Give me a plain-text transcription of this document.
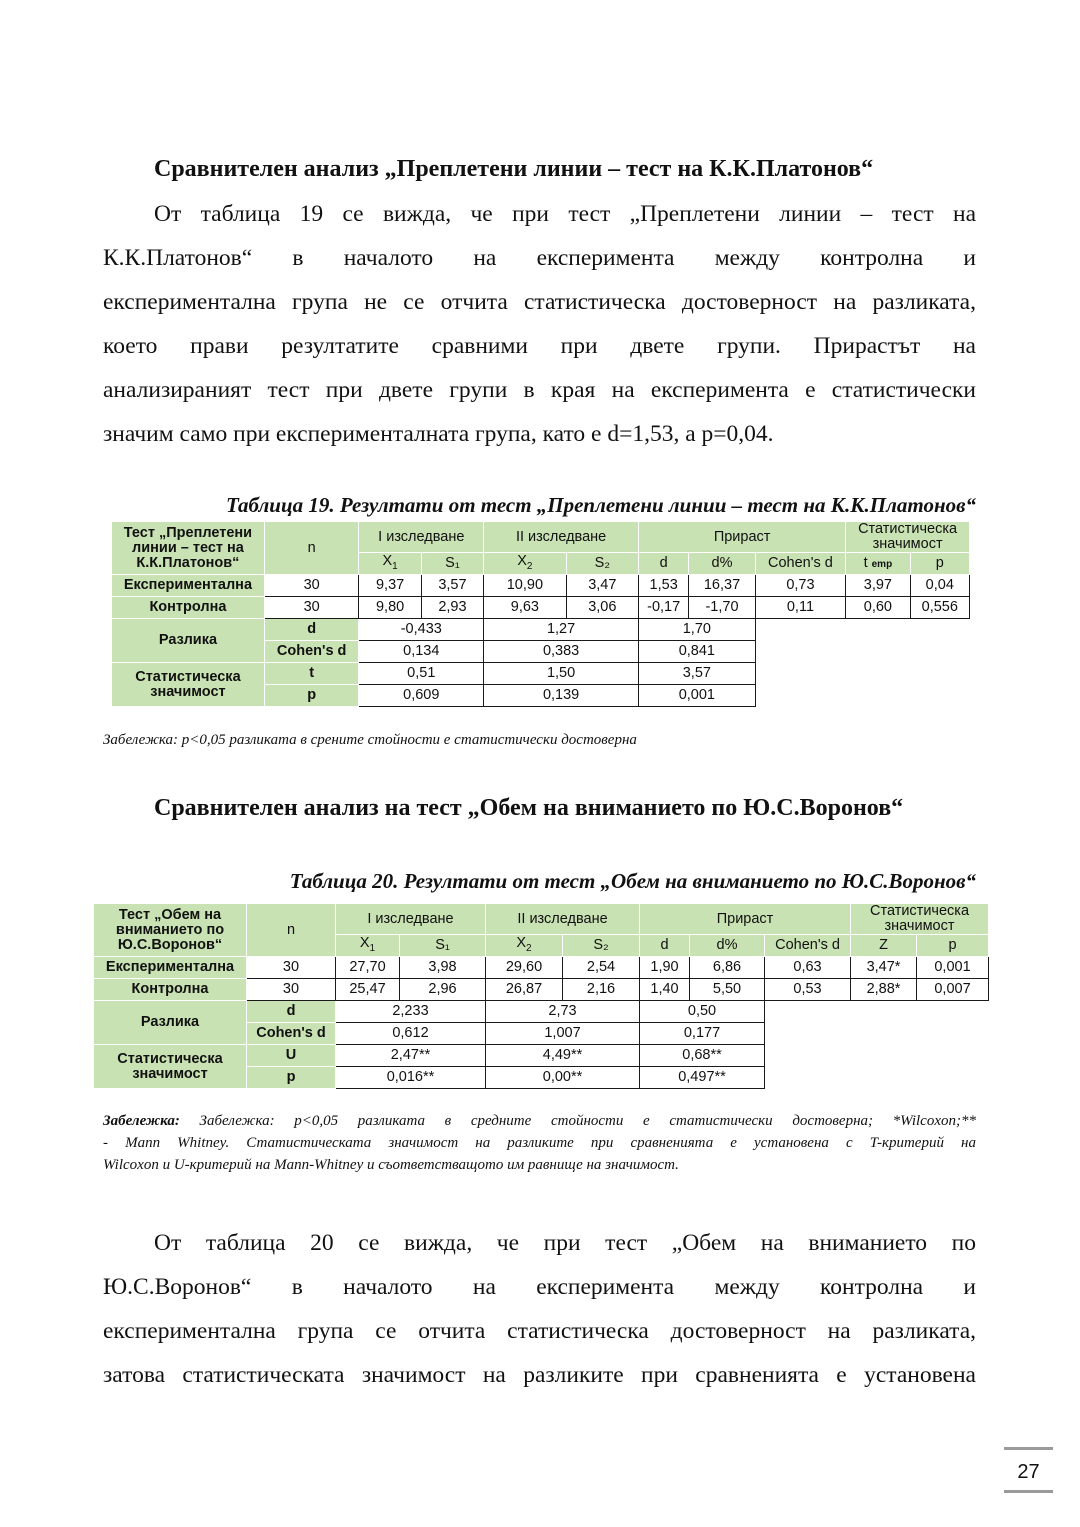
Сравнителен анализ „Преплетени линии – тест на К.К.Платонов“
От таблица 19 се вижда, че при тест „Преплетени линии – тест на
К.К.Платонов“ в началото на експеримента между контролна и
експериментална група не се отчита статистическа достоверност на разликата,
което прави резултатите сравними при двете групи. Прирастът на
анализираният тест при двете групи в края на експеримента е статистически
значим само при експерименталната група, като е d=1,53, а p=0,04.
Таблица 19. Резултати от тест „Преплетени линии – тест на К.К.Платонов“
Тест „Преплетени линии – тест на К.К.Платонов“	n	I изследване		II изследване		Прираст			Статистическа значимост	

		$\overline{X}_1$	S₁	$\overline{X}_2$	S₂	d	d%	Cohen's d	t emp	p
Експериментална	30	9,37	3,57	10,90	3,47	1,53	16,37	0,73	3,97	0,04
Контролна	30	9,80	2,93	9,63	3,06	-0,17	-1,70	0,11	0,60	0,556
Разлика	d	-0,433		1,27		1,70				
	Cohen's d	0,134		0,383		0,841				
Статистическа значимост	t	0,51		1,50		3,57				
	p	0,609		0,139		0,001				
Забележка: p<0,05 разликата в срените стойности е статистически достоверна
Сравнителен анализ на тест „Обем на вниманието по Ю.С.Воронов“
Таблица 20. Резултати от тест „Обем на вниманието по Ю.С.Воронов“
Тест „Обем на вниманието по Ю.С.Воронов“	n	I изследване		II изследване		Прираст			Статистическа значимост	

		$\overline{X}_1$	S₁	$\overline{X}_2$	S₂	d	d%	Cohen's d	Z	p
Експериментална	30	27,70	3,98	29,60	2,54	1,90	6,86	0,63	3,47*	0,001
Контролна	30	25,47	2,96	26,87	2,16	1,40	5,50	0,53	2,88*	0,007
Разлика	d	2,233		2,73		0,50				
	Cohen's d	0,612		1,007		0,177				
Статистическа значимост	U	2,47**		4,49**		0,68**				
	p	0,016**		0,00**		0,497**				
Забележка: Забележка: p<0,05 разликата в средните стойности е статистически достоверна; *Wilcoxon;**
- Mann Whitney. Статистическата значимост на разликите при сравненията е установена с T-критерий на
Wilcoxon и U-критерий на Mann-Whitney и съответстващото им равнище на значимост.
От таблица 20 се вижда, че при тест „Обем на вниманието по
Ю.С.Воронов“ в началото на експеримента между контролна и
експериментална група се отчита статистическа достоверност на разликата,
затова статистическата значимост на разликите при сравненията е установена
27
